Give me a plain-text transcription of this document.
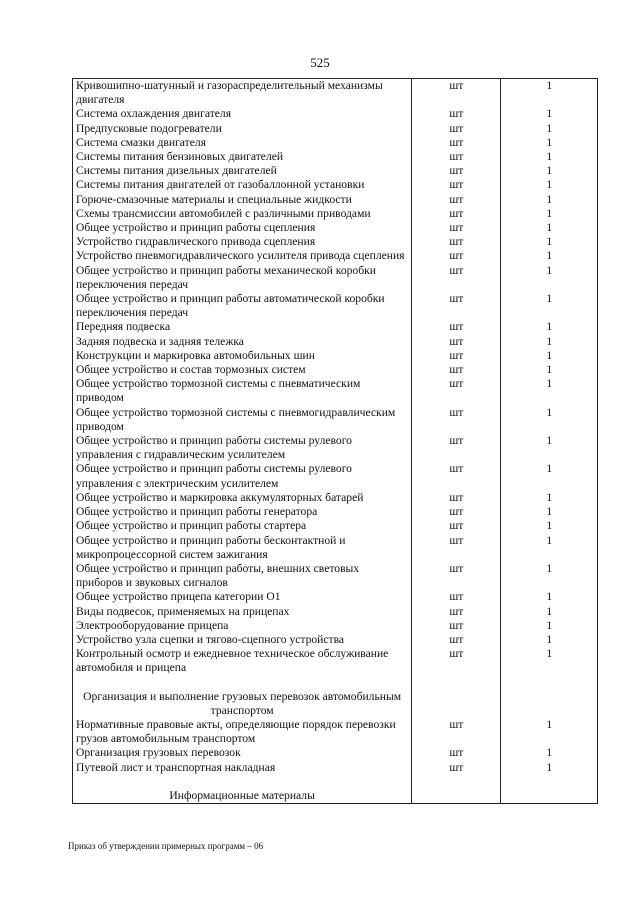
525
Кривошипно-шатунный и газораспределительный механизмы двигателя	шт	1
Система охлаждения двигателя	шт	1
Предпусковые подогреватели	шт	1
Система смазки двигателя	шт	1
Системы питания бензиновых двигателей	шт	1
Системы питания дизельных двигателей	шт	1
Системы питания двигателей от газобаллонной установки	шт	1
Горюче-смазочные материалы и специальные жидкости	шт	1
Схемы трансмиссии автомобилей с различными приводами	шт	1
Общее устройство и принцип работы сцепления	шт	1
Устройство гидравлического привода сцепления	шт	1
Устройство пневмогидравлического усилителя привода сцепления	шт	1
Общее устройство и принцип работы механической коробки переключения передач	шт	1
Общее устройство и принцип работы автоматической коробки переключения передач	шт	1
Передняя подвеска	шт	1
Задняя подвеска и задняя тележка	шт	1
Конструкции и маркировка автомобильных шин	шт	1
Общее устройство и состав тормозных систем	шт	1
Общее устройство тормозной системы с пневматическим приводом	шт	1
Общее устройство тормозной системы с пневмогидравлическим приводом	шт	1
Общее устройство и принцип работы системы рулевого управления с гидравлическим усилителем	шт	1
Общее устройство и принцип работы системы рулевого управления с электрическим усилителем	шт	1
Общее устройство и маркировка аккумуляторных батарей	шт	1
Общее устройство и принцип работы генератора	шт	1
Общее устройство и принцип работы стартера	шт	1
Общее устройство и принцип работы бесконтактной и микропроцессорной систем зажигания	шт	1
Общее устройство и принцип работы, внешних световых приборов и звуковых сигналов	шт	1
Общее устройство прицепа категории О1	шт	1
Виды подвесок, применяемых на прицепах	шт	1
Электрооборудование прицепа	шт	1
Устройство узла сцепки и тягово-сцепного устройства	шт	1
Контрольный осмотр и ежедневное техническое обслуживание автомобиля и прицепа	шт	1

Организация и выполнение грузовых перевозок автомобильным транспортом		
Нормативные правовые акты, определяющие порядок перевозки грузов автомобильным транспортом	шт	1
Организация грузовых перевозок	шт	1
Путевой лист и транспортная накладная	шт	1

Информационные материалы		
Приказ об утверждении примерных программ – 06
